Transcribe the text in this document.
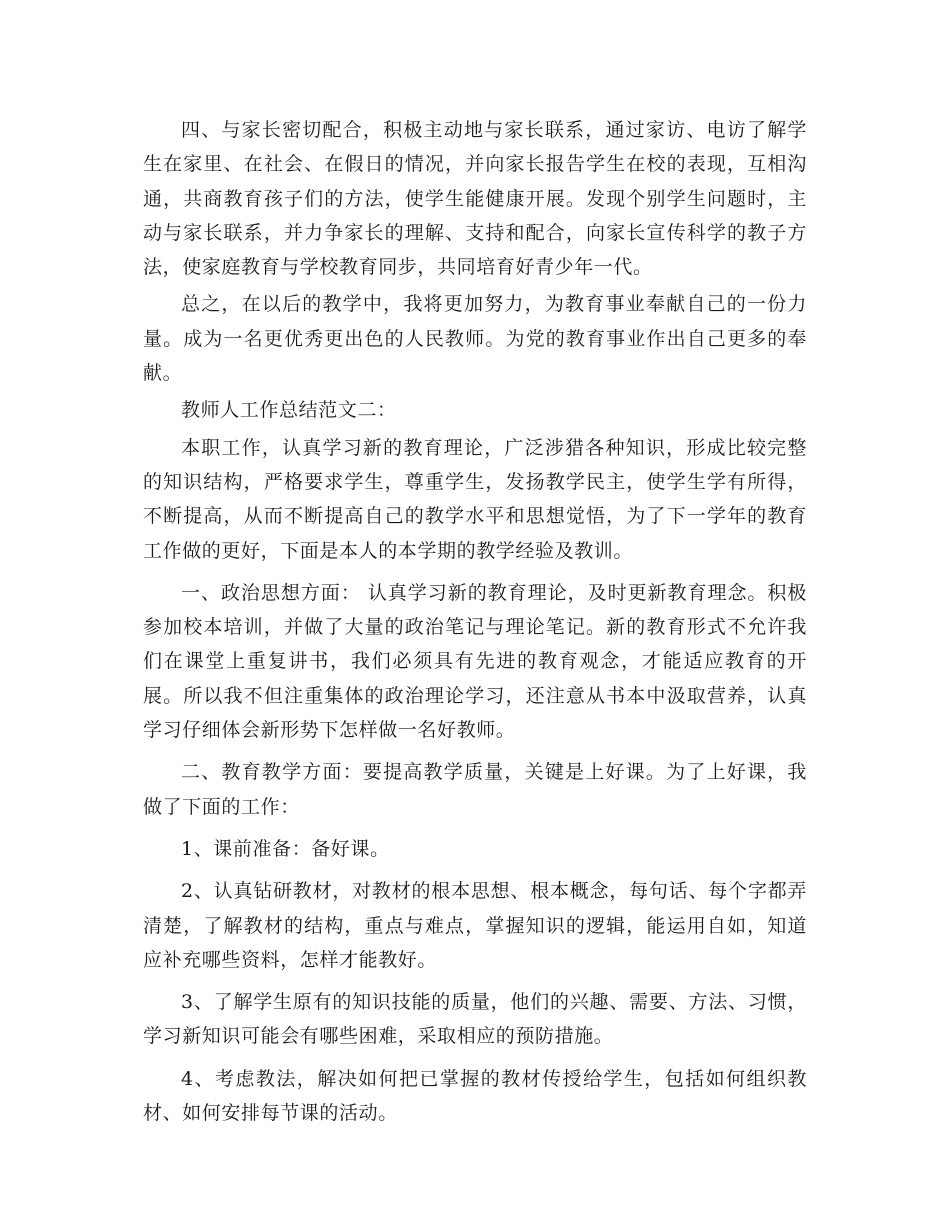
四、与家长密切配合，积极主动地与家长联系，通过家访、电访了解学生在家里、在社会、在假日的情况，并向家长报告学生在校的表现，互相沟通，共商教育孩子们的方法，使学生能健康开展。发现个别学生问题时，主动与家长联系，并力争家长的理解、支持和配合，向家长宣传科学的教子方法，使家庭教育与学校教育同步，共同培育好青少年一代。

总之，在以后的教学中，我将更加努力，为教育事业奉献自己的一份力量。成为一名更优秀更出色的人民教师。为党的教育事业作出自己更多的奉献。

教师人工作总结范文二：

本职工作，认真学习新的教育理论，广泛涉猎各种知识，形成比较完整的知识结构，严格要求学生，尊重学生，发扬教学民主，使学生学有所得，不断提高，从而不断提高自己的教学水平和思想觉悟，为了下一学年的教育工作做的更好，下面是本人的本学期的教学经验及教训。

一、政治思想方面： 认真学习新的教育理论，及时更新教育理念。积极参加校本培训，并做了大量的政治笔记与理论笔记。新的教育形式不允许我们在课堂上重复讲书，我们必须具有先进的教育观念，才能适应教育的开展。所以我不但注重集体的政治理论学习，还注意从书本中汲取营养，认真学习仔细体会新形势下怎样做一名好教师。

二、教育教学方面：要提高教学质量，关键是上好课。为了上好课，我做了下面的工作：

1、课前准备：备好课。

2、认真钻研教材，对教材的根本思想、根本概念，每句话、每个字都弄清楚，了解教材的结构，重点与难点，掌握知识的逻辑，能运用自如，知道应补充哪些资料，怎样才能教好。

3、了解学生原有的知识技能的质量，他们的兴趣、需要、方法、习惯，学习新知识可能会有哪些困难，采取相应的预防措施。

4、考虑教法，解决如何把已掌握的教材传授给学生，包括如何组织教材、如何安排每节课的活动。
